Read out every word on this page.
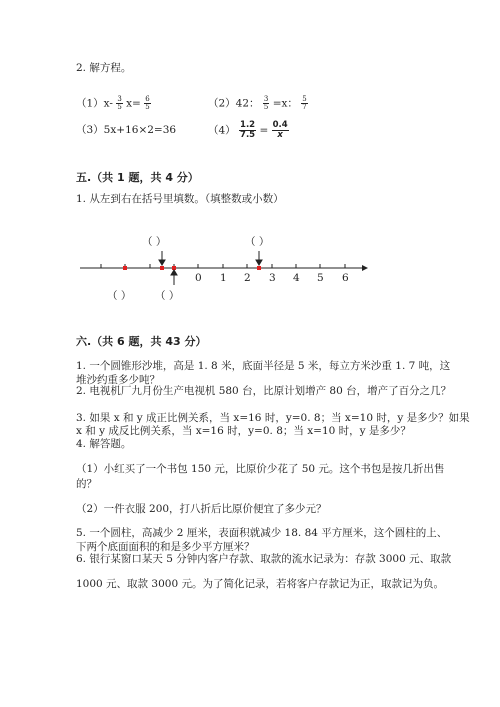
2. 解方程。
$(1)x- \frac{3}{5} x= \frac{6}{5}$	（2）42： $\frac{3}{5} =x$： $\frac{5}{7}$
（3）5x+16×2=36	$(4) \frac{1.2}{7.5} = \frac{0.4}{x}$
五.（共 1 题，共 4 分）
1. 从左到右在括号里填数。（填整数或小数）
（ ）	（ ）
（ ） （ ）
0 1 2 3 4 5 6
六.（共 6 题，共 43 分）
1. 一个圆锥形沙堆，高是 1. 8 米，底面半径是 5 米，每立方米沙重 1. 7 吨，这
堆沙约重多少吨？
2. 电视机厂九月份生产电视机 580 台，比原计划增产 80 台，增产了百分之几？
3. 如果 x 和 y 成正比例关系，当 x=16 时，y=0. 8；当 x=10 时，y 是多少？如果
x 和 y 成反比例关系，当 x=16 时，y=0. 8；当 x=10 时，y 是多少？
4. 解答题。
（1）小红买了一个书包 150 元，比原价少花了 50 元。这个书包是按几折出售
的？
（2）一件衣服 200，打八折后比原价便宜了多少元？
5. 一个圆柱，高减少 2 厘米，表面积就减少 18. 84 平方厘米，这个圆柱的上、
下两个底面面积的和是多少平方厘米？
6. 银行某窗口某天 5 分钟内客户存款、取款的流水记录为：存款 3000 元、取款
1000 元、取款 3000 元。为了简化记录，若将客户存款记为正，取款记为负。
